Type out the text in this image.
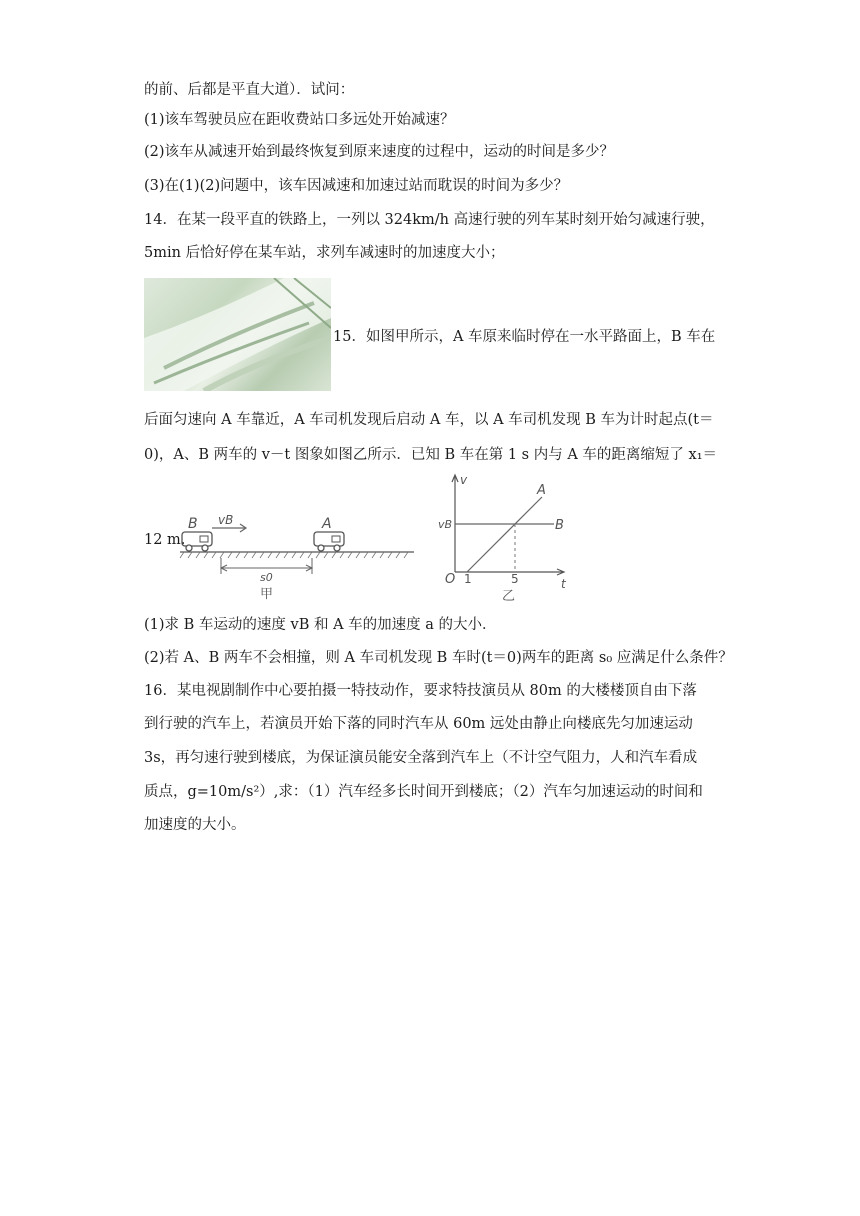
的前、后都是平直大道）．试问：
(1)该车驾驶员应在距收费站口多远处开始减速？
(2)该车从减速开始到最终恢复到原来速度的过程中，运动的时间是多少？
(3)在(1)(2)问题中，该车因减速和加速过站而耽误的时间为多少？
14．在某一段平直的铁路上，一列以 324km/h 高速行驶的列车某时刻开始匀减速行驶，
5min 后恰好停在某车站，求列车减速时的加速度大小；
15．如图甲所示，A 车原来临时停在一水平路面上，B 车在
后面匀速向 A 车靠近，A 车司机发现后启动 A 车，以 A 车司机发现 B 车为计时起点(t＝
0)，A、B 两车的 v－t 图象如图乙所示．已知 B 车在第 1 s 内与 A 车的距离缩短了 x₁＝
12 m.
B vB	A
s0
甲
v
t
O 1	5
vB
A
B
乙
(1)求 B 车运动的速度 vB 和 A 车的加速度 a 的大小．
(2)若 A、B 两车不会相撞，则 A 车司机发现 B 车时(t＝0)两车的距离 s₀ 应满足什么条件？
16．某电视剧制作中心要拍摄一特技动作，要求特技演员从 80m 的大楼楼顶自由下落
到行驶的汽车上，若演员开始下落的同时汽车从 60m 远处由静止向楼底先匀加速运动
3s，再匀速行驶到楼底，为保证演员能安全落到汽车上（不计空气阻力，人和汽车看成
质点，g=10m/s²）,求：（1）汽车经多长时间开到楼底；（2）汽车匀加速运动的时间和
加速度的大小。
